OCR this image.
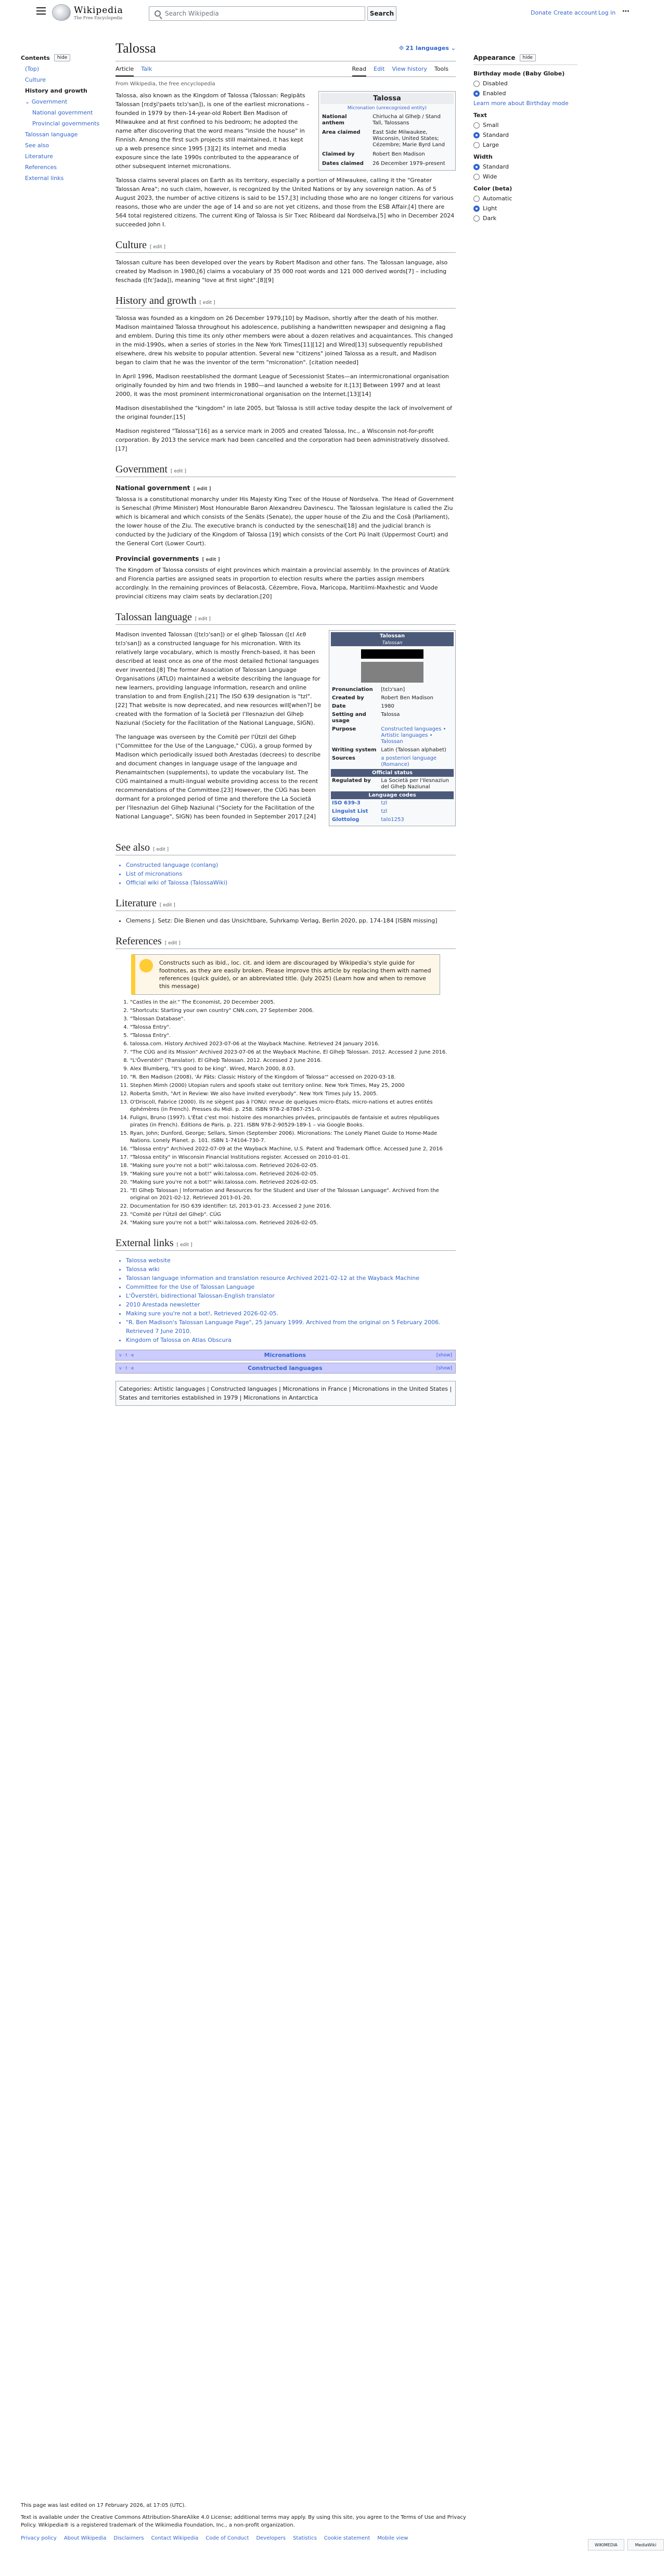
Wikipedia
The Free Encyclopedia
Search Wikipedia	Search	Donate Create account Log in ⋯
Contents	hide
(Top)
Culture
History and growth
⌄ Government
National government
Provincial governments
Talossan language
See also
Literature
References
External links
Appearance	hide
Birthday mode (Baby Globe)
Disabled
Enabled
Learn more about Birthday mode
Text
Small
Standard
Large
Width
Standard
Wide
Color (beta)
Automatic
Light
Dark
Talossa	⟐ 21 languages ⌄
Article Talk	Read Edit View history Tools
From Wikipedia, the free encyclopedia
Talossa
Micronation (unrecognized entity)
National anthem	Chirlucha al Glheþ / Stand Tall, Talossans
Area claimed	East Side Milwaukee, Wisconsin, United States; Cézembre; Marie Byrd Land
Claimed by	Robert Ben Madison
Dates claimed	26 December 1979–present

Talossa, also known as the Kingdom of Talossa (Talossan: Regipäts Talossan [rɛdʒi'paets tɛlɔ'san]), is one of the earliest micronations – founded in 1979 by then-14-year-old Robert Ben Madison of Milwaukee and at first confined to his bedroom; he adopted the name after discovering that the word means "inside the house" in Finnish. Among the first such projects still maintained, it has kept up a web presence since 1995 [3][2] its internet and media exposure since the late 1990s contributed to the appearance of other subsequent internet micronations.

Talossa claims several places on Earth as its territory, especially a portion of Milwaukee, calling it the "Greater Talossan Area"; no such claim, however, is recognized by the United Nations or by any sovereign nation. As of 5 August 2023, the number of active citizens is said to be 157,[3] including those who are no longer citizens for various reasons, those who are under the age of 14 and so are not yet citizens, and those from the ESB Affair.[4] there are 564 total registered citizens. The current King of Talossa is Sir Txec Röibeard dal Nordselva,[5] who in December 2024 succeeded John I.

Culture [ edit ]

Talossan culture has been developed over the years by Robert Madison and other fans. The Talossan language, also created by Madison in 1980,[6] claims a vocabulary of 35 000 root words and 121 000 derived words[7] – including feschada ([fɛ'ʃada]), meaning "love at first sight".[8][9]

History and growth [ edit ]

Talossa was founded as a kingdom on 26 December 1979,[10] by Madison, shortly after the death of his mother. Madison maintained Talossa throughout his adolescence, publishing a handwritten newspaper and designing a flag and emblem. During this time its only other members were about a dozen relatives and acquaintances. This changed in the mid-1990s, when a series of stories in the New York Times[11][12] and Wired[13] subsequently republished elsewhere, drew his website to popular attention. Several new "citizens" joined Talossa as a result, and Madison began to claim that he was the inventor of the term "micronation". [citation needed]

In April 1996, Madison reestablished the dormant League of Secessionist States—an intermicronational organisation originally founded by him and two friends in 1980—and launched a website for it.[13] Between 1997 and at least 2000, it was the most prominent intermicronational organisation on the Internet.[13][14]

Madison disestablished the "kingdom" in late 2005, but Talossa is still active today despite the lack of involvement of the original founder.[15]

Madison registered "Talossa"[16] as a service mark in 2005 and created Talossa, Inc., a Wisconsin not-for-profit corporation. By 2013 the service mark had been cancelled and the corporation had been administratively dissolved.[17]

Government [ edit ]
National government [ edit ]

Talossa is a constitutional monarchy under His Majesty King Txec of the House of Nordselva. The Head of Government is Seneschal (Prime Minister) Most Honourable Baron Alexandreu Davinescu. The Talossan legislature is called the Ziu which is bicameral and which consists of the Senäts (Senate), the upper house of the Ziu and the Cosâ (Parliament), the lower house of the Ziu. The executive branch is conducted by the seneschal[18] and the judicial branch is conducted by the Judiciary of the Kingdom of Talossa [19] which consists of the Cort Pü Inalt (Uppermost Court) and the General Cort (Lower Court).

Provincial governments [ edit ]

The Kingdom of Talossa consists of eight provinces which maintain a provincial assembly. In the provinces of Atatürk and Florencia parties are assigned seats in proportion to election results where the parties assign members accordingly. In the remaining provinces of Belacostă, Cézembre, Fiova, Maricopa, Maritiimi-Maxhestic and Vuode provincial citizens may claim seats by declaration.[20]

Talossan language [ edit ]
Talossan
Talossan
Pronunciation	[tɛlɔ'san]
Created by	Robert Ben Madison
Date	1980
Setting and usage	Talossa
Purpose	Constructed languages • Artistic languages • Talossan
Writing system	Latin (Talossan alphabet)
Sources	a posteriori language (Romance)
Official status
Regulated by	La Societä per l'Ilesnaziun del Glheþ Naziunal
Language codes
ISO 639-3	tzl
Linguist List	tzl
Glottolog	talo1253

Madison invented Talossan ([tɛlɔ'san]) or el glheþ Talossan ([ɛl ʎɛθ tɛlɔ'san]) as a constructed language for his micronation. With its relatively large vocabulary, which is mostly French-based, it has been described at least once as one of the most detailed fictional languages ever invented.[8] The former Association of Talossan Language Organisations (ATLO) maintained a website describing the language for new learners, providing language information, research and online translation to and from English.[21] The ISO 639 designation is "tzl".[22] That website is now deprecated, and new resources will[when?] be created with the formation of la Societä per l'Ilesnaziun del Glheþ Naziunal (Society for the Facilitation of the National Language, SIGN).

The language was overseen by the Comitè per l'Útzil del Glheþ ("Committee for the Use of the Language," CÚG), a group formed by Madison which periodically issued both Arestadas (decrees) to describe and document changes in language usage of the language and Pienamaintschen (supplements), to update the vocabulary list. The CÚG maintained a multi-lingual website providing access to the recent recommendations of the Committee.[23] However, the CÚG has been dormant for a prolonged period of time and therefore the La Societä per l'Ilesnaziun del Glheþ Naziunal ("Society for the Facilitation of the National Language", SIGN) has been founded in September 2017.[24]

See also [ edit ]
• Constructed language (conlang)
• List of micronations
• Official wiki of Talossa (TalossaWiki)
Literature [ edit ]
• Clemens J. Setz: Die Bienen und das Unsichtbare, Suhrkamp Verlag, Berlin 2020, pp. 174-184 [ISBN missing]
References [ edit ]
Constructs such as ibid., loc. cit. and idem are discouraged by Wikipedia's style guide for footnotes, as they are easily broken. Please improve this article by replacing them with named references (quick guide), or an abbreviated title. (July 2025) (Learn how and when to remove this message)
1. "Castles in the air." The Economist, 20 December 2005.
2. "Shortcuts: Starting your own country" CNN.com, 27 September 2006.
3. "Talossan Database".
4. "Talossa Entry".
5. "Talossa Entry".
6. talossa.com. History Archived 2023-07-06 at the Wayback Machine. Retrieved 24 January 2016.
7. "The CÚG and its Mission" Archived 2023-07-06 at the Wayback Machine, El Glheþ Talossan. 2012. Accessed 2 June 2016.
8. "L'Överstëri" (Translator). El Glheþ Talossan. 2012. Accessed 2 June 2016.
9. Alex Blumberg, "It's good to be king". Wired, March 2000, 8.03.
10. "R. Ben Madison (2008), 'Ár Päts: Classic History of the Kingdom of Talossa'" accessed on 2020-03-18.
11. Stephen Mimh (2000) Utopian rulers and spoofs stake out territory online. New York Times, May 25, 2000
12. Roberta Smith, "Art in Review: We also have invited everybody". New York Times July 15, 2005.
13. O'Driscoll, Fabrice (2000). Ils ne siègent pas à l'ONU: revue de quelques micro-États, micro-nations et autres entités éphémères (in French). Presses du Midi. p. 258. ISBN 978-2-87867-251-0.
14. Fuligni, Bruno (1997). L'État c'est moi: histoire des monarchies privées, principautés de fantaisie et autres républiques pirates (in French). Éditions de Paris. p. 221. ISBN 978-2-90529-189-1 – via Google Books.
15. Ryan, John; Dunford, George; Sellars, Simon (September 2006). Micronations: The Lonely Planet Guide to Home-Made Nations. Lonely Planet. p. 101. ISBN 1-74104-730-7.
16. "Talossa entry" Archived 2022-07-09 at the Wayback Machine, U.S. Patent and Trademark Office. Accessed June 2, 2016
17. "Talossa entity" in Wisconsin Financial Institutions register. Accessed on 2010-01-01.
18. "Making sure you're not a bot!" wiki.talossa.com. Retrieved 2026-02-05.
19. "Making sure you're not a bot!" wiki.talossa.com. Retrieved 2026-02-05.
20. "Making sure you're not a bot!" wiki.talossa.com. Retrieved 2026-02-05.
21. "El Glheþ Talossan | Information and Resources for the Student and User of the Talossan Language". Archived from the original on 2021-02-12. Retrieved 2013-01-20.
22. Documentation for ISO 639 identifier: tzl, 2013-01-23. Accessed 2 June 2016.
23. "Comitè per l'Útzil del Glheþ". CÚG
24. "Making sure you're not a bot!" wiki.talossa.com. Retrieved 2026-02-05.
External links [ edit ]
• Talossa website
• Talossa wiki
• Talossan language information and translation resource Archived 2021-02-12 at the Wayback Machine
• Committee for the Use of Talossan Language
• L'Överstëri, bidirectional Talossan-English translator
• 2010 Arestada newsletter
• Making sure you're not a bot!, Retrieved 2026-02-05.
• "R. Ben Madison's Talossan Language Page", 25 January 1999. Archived from the original on 5 February 2006. Retrieved 7 June 2010.
• Kingdom of Talossa on Atlas Obscura
v · t · e	Micronations	[show]
v · t · e	Constructed languages	[show]
Categories: Artistic languages | Constructed languages | Micronations in France | Micronations in the United States | States and territories established in 1979 | Micronations in Antarctica
This page was last edited on 17 February 2026, at 17:05 (UTC).
Text is available under the Creative Commons Attribution-ShareAlike 4.0 License; additional terms may apply. By using this site, you agree to the Terms of Use and Privacy Policy. Wikipedia® is a registered trademark of the Wikimedia Foundation, Inc., a non-profit organization.
Privacy policy About Wikipedia Disclaimers Contact Wikipedia Code of Conduct Developers Statistics Cookie statement Mobile view
WIKIMEDIA	MediaWiki
